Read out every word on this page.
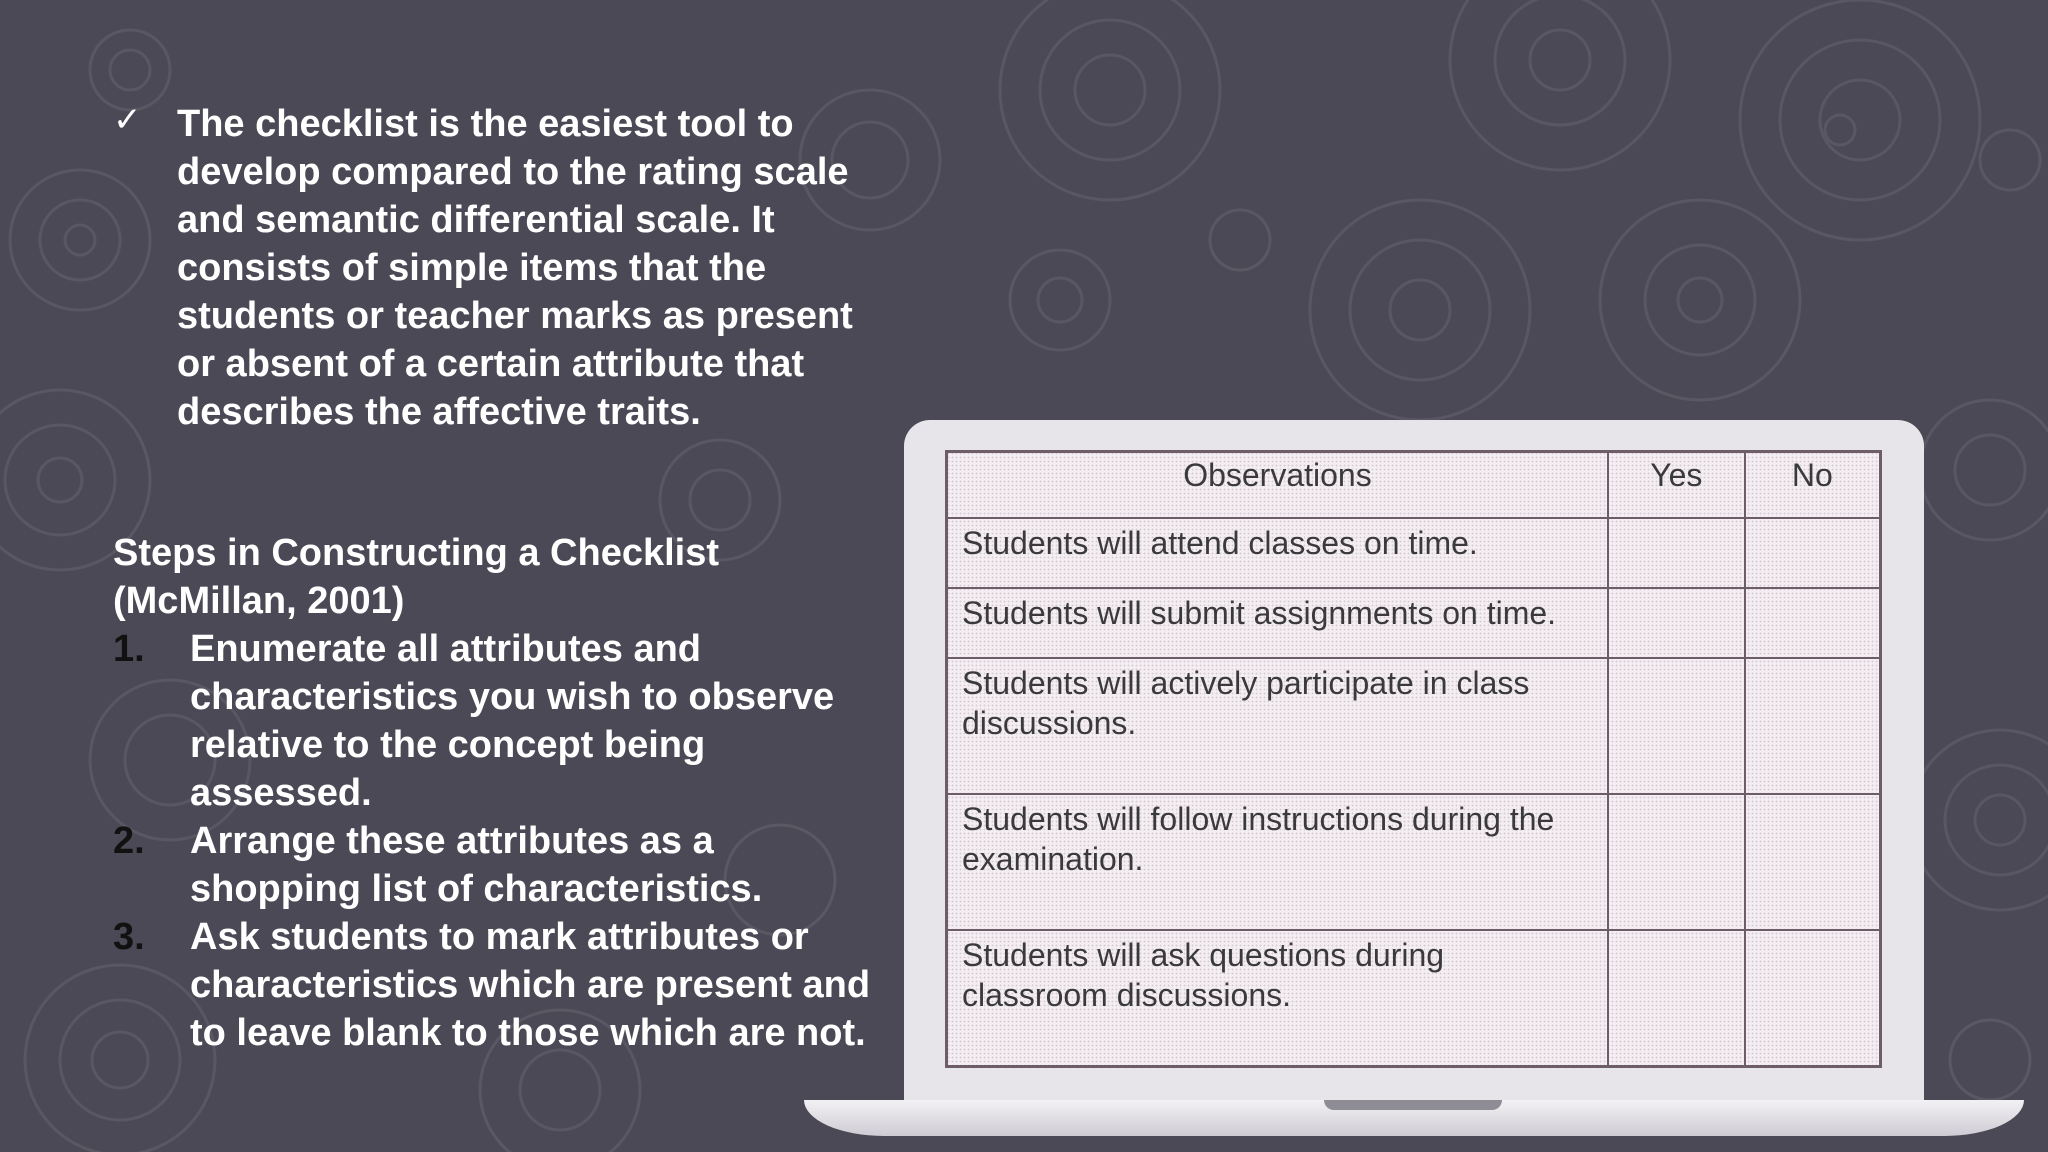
✓ The checklist is the easiest tool to develop compared to the rating scale and semantic differential scale. It consists of simple items that the students or teacher marks as present or absent of a certain attribute that describes the affective traits.
Steps in Constructing a Checklist (McMillan, 2001)
1. Enumerate all attributes and characteristics you wish to observe relative to the concept being assessed.
2. Arrange these attributes as a shopping list of characteristics.
3. Ask students to mark attributes or characteristics which are present and to leave blank to those which are not.
Observations	Yes	No
Students will attend classes on time.		
Students will submit assignments on time.		
Students will actively participate in class discussions.		
Students will follow instructions during the examination.		
Students will ask questions during classroom discussions.		
